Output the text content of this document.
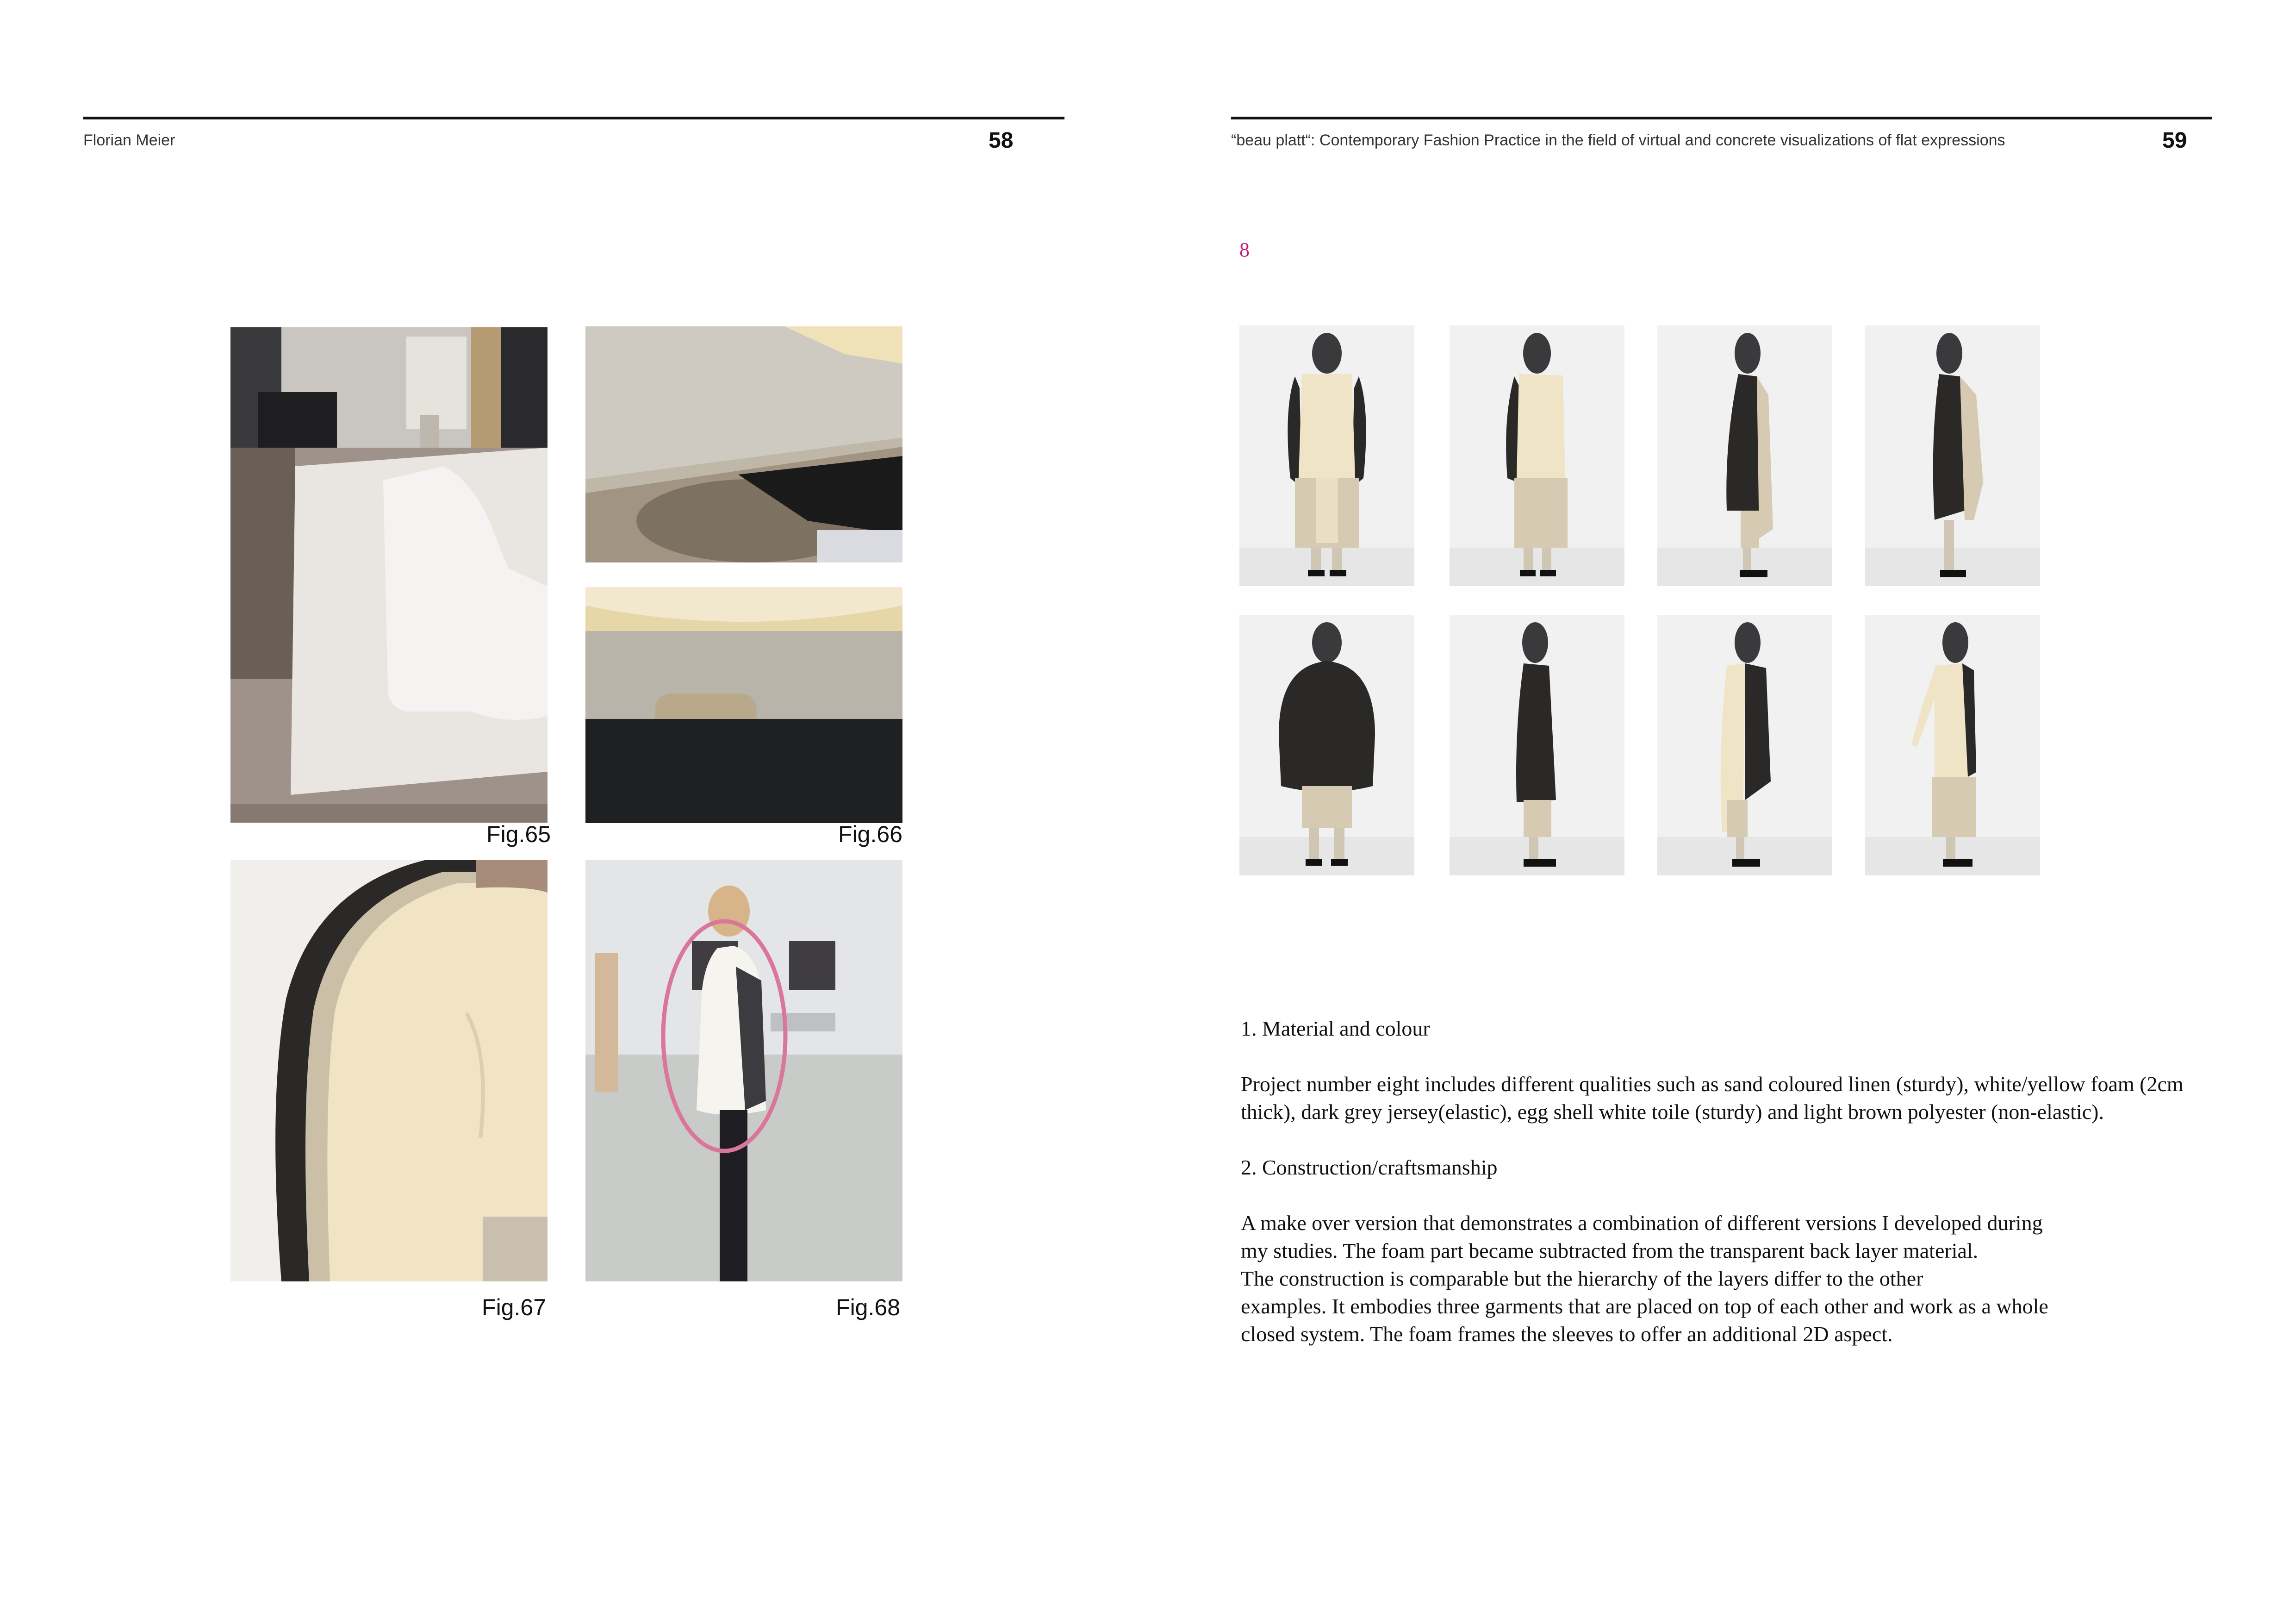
Florian Meier	58
Fig.65	Fig.66
Fig.67	Fig.68
“beau platt“: Contemporary Fashion Practice in the field of virtual and concrete visualizations of flat expressions	59
8

1. Material and colour

Project number eight includes different qualities such as sand coloured linen (sturdy), white/yellow foam (2cm thick), dark grey jersey(elastic), egg shell white toile (sturdy) and light brown polyester (non-elastic).

2. Construction/craftsmanship

A make over version that demonstrates a combination of different versions I developed during
my studies. The foam part became subtracted from the transparent back layer material.
The construction is comparable but the hierarchy of the layers differ to the other
examples. It embodies three garments that are placed on top of each other and work as a whole
closed system. The foam frames the sleeves to offer an additional 2D aspect.
